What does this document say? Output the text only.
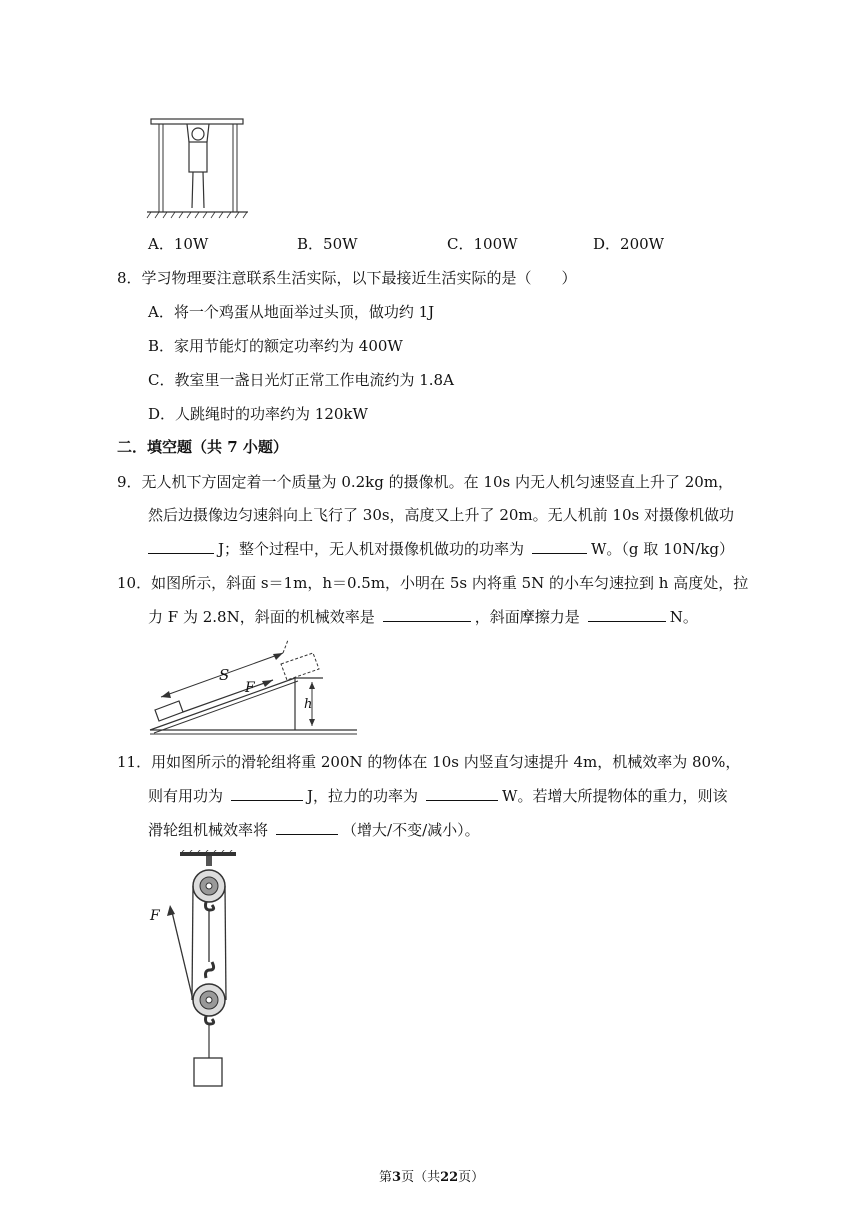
A．10W	B．50W	C．100W	D．200W
8．学习物理要注意联系生活实际，以下最接近生活实际的是（　　）
A．将一个鸡蛋从地面举过头顶，做功约 1J
B．家用节能灯的额定功率约为 400W
C．教室里一盏日光灯正常工作电流约为 1.8A
D．人跳绳时的功率约为 120kW
二．填空题（共 7 小题）
9．无人机下方固定着一个质量为 0.2kg 的摄像机。在 10s 内无人机匀速竖直上升了 20m，
然后边摄像边匀速斜向上飞行了 30s，高度又上升了 20m。无人机前 10s 对摄像机做功
J；整个过程中，无人机对摄像机做功的功率为	W。（g 取 10N/kg）
10．如图所示，斜面 s＝1m，h＝0.5m，小明在 5s 内将重 5N 的小车匀速拉到 h 高度处，拉
力 F 为 2.8N，斜面的机械效率是	，斜面摩擦力是	N。
h
S
F
11．用如图所示的滑轮组将重 200N 的物体在 10s 内竖直匀速提升 4m，机械效率为 80%，
则有用功为	J，拉力的功率为	W。若增大所提物体的重力，则该
滑轮组机械效率将	（增大/不变/减小）。
F
第3页（共22页）
